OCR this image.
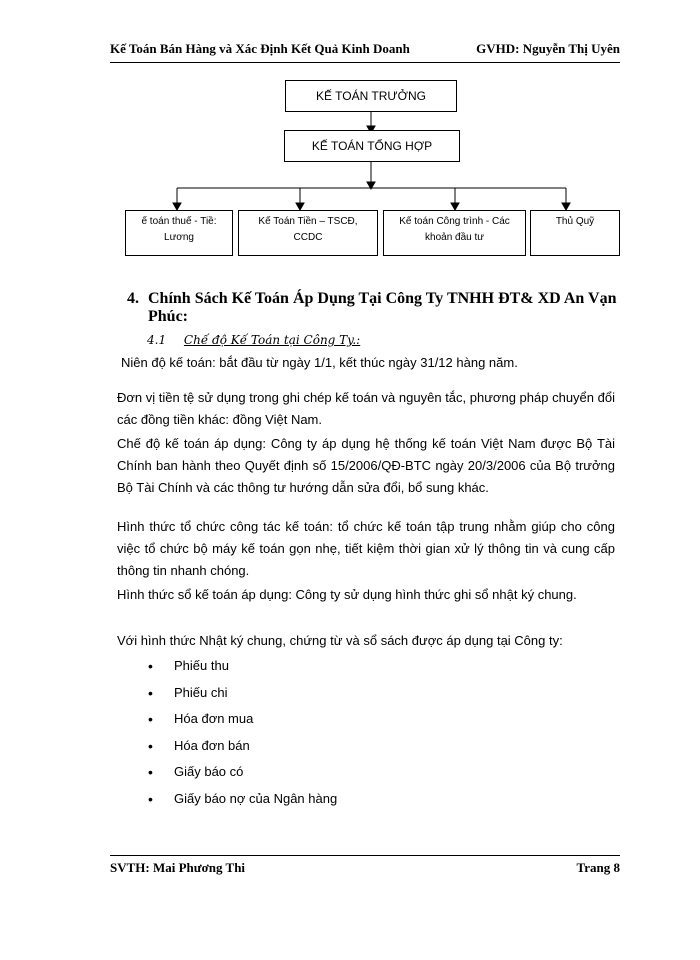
Kế Toán Bán Hàng và Xác Định Kết Quả Kinh Doanh	GVHD: Nguyễn Thị Uyên
KẾ TOÁN TRƯỞNG
KẾ TOÁN TỔNG HỢP
ế toán thuế - Tiề:
Lương
Kế Toán Tiền – TSCĐ,
CCDC
Kế toán Công trình - Các
khoản đầu tư
Thủ Quỹ
4. Chính Sách Kế Toán Áp Dụng Tại Công Ty TNHH ĐT& XD An Vạn Phúc:
4.1 Chế độ Kế Toán tại Công Ty.:

Niên độ kế toán: bắt đầu từ ngày 1/1, kết thúc ngày 31/12 hàng năm.

Đơn vị tiền tệ sử dụng trong ghi chép kế toán và nguyên tắc, phương pháp chuyển đổi các đồng tiền khác: đồng Việt Nam.

Chế độ kế toán áp dụng: Công ty áp dụng hệ thống kế toán Việt Nam được Bộ Tài Chính ban hành theo Quyết định số 15/2006/QĐ-BTC ngày 20/3/2006 của Bộ trưởng Bộ Tài Chính và các thông tư hướng dẫn sửa đổi, bổ sung khác.

Hình thức tổ chức công tác kế toán: tổ chức kế toán tập trung nhằm giúp cho công việc tổ chức bộ máy kế toán gọn nhẹ, tiết kiệm thời gian xử lý thông tin và cung cấp thông tin nhanh chóng.

Hình thức sổ kế toán áp dụng: Công ty sử dụng hình thức ghi sổ nhật ký chung.

Với hình thức Nhật ký chung, chứng từ và sổ sách được áp dụng tại Công ty:

• Phiếu thu
• Phiếu chi
• Hóa đơn mua
• Hóa đơn bán
• Giấy báo có
• Giấy báo nợ của Ngân hàng
SVTH: Mai Phương Thi	Trang 8
